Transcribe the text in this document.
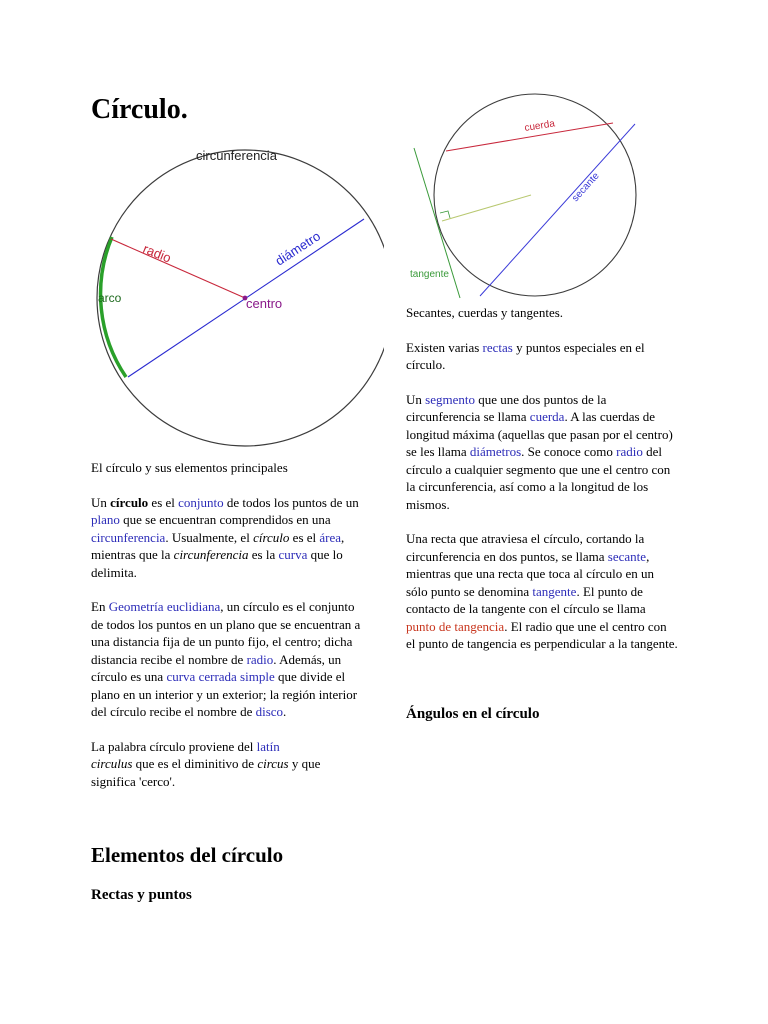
Círculo.
circunferencia
radio	diámetro
arco	centro
cuerda
secante
tangente

El círculo y sus elementos principales

Un círculo es el conjunto de todos los puntos de un plano que se encuentran comprendidos en una circunferencia. Usualmente, el círculo es el área, mientras que la circunferencia es la curva que lo delimita.

En Geometría euclidiana, un círculo es el conjunto de todos los puntos en un plano que se encuentran a una distancia fija de un punto fijo, el centro; dicha distancia recibe el nombre de radio. Además, un círculo es una curva cerrada simple que divide el plano en un interior y un exterior; la región interior del círculo recibe el nombre de disco.

La palabra círculo proviene del latín
circulus que es el diminitivo de circus y que significa 'cerco'.

Elementos del círculo
Rectas y puntos

Secantes, cuerdas y tangentes.

Existen varias rectas y puntos especiales en el círculo.

Un segmento que une dos puntos de la circunferencia se llama cuerda. A las cuerdas de longitud máxima (aquellas que pasan por el centro) se les llama diámetros. Se conoce como radio del círculo a cualquier segmento que une el centro con la circunferencia, así como a la longitud de los mismos.

Una recta que atraviesa el círculo, cortando la circunferencia en dos puntos, se llama secante, mientras que una recta que toca al círculo en un sólo punto se denomina tangente. El punto de contacto de la tangente con el círculo se llama punto de tangencia. El radio que une el centro con el punto de tangencia es perpendicular a la tangente.

Ángulos en el círculo
